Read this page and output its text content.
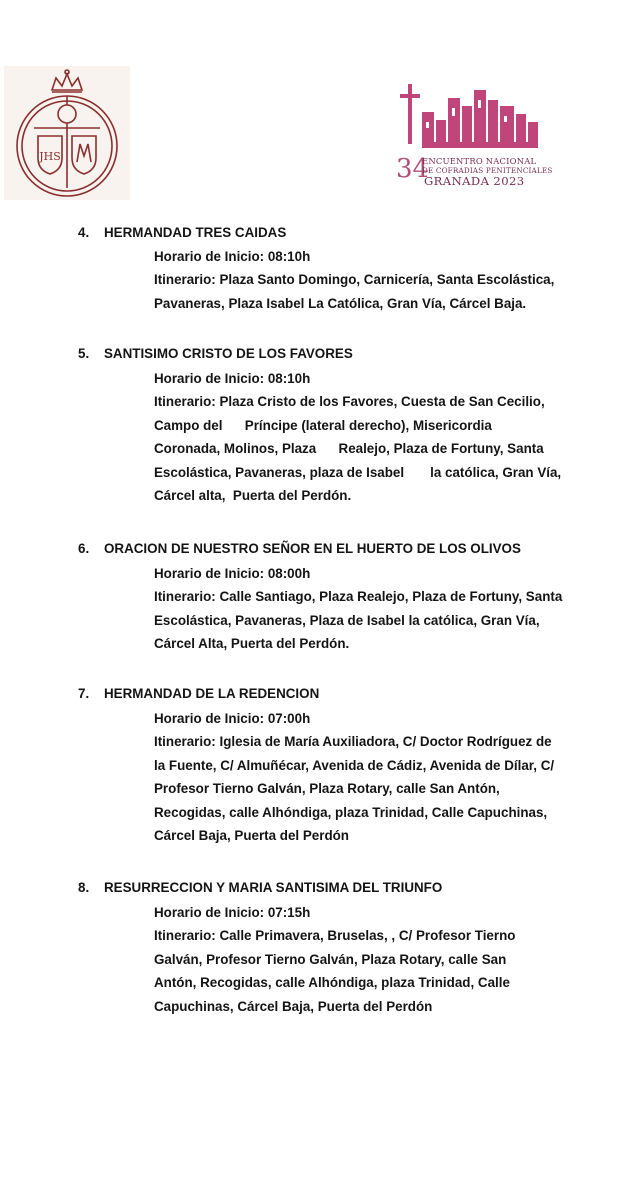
JHS	34
ENCUENTRO NACIONAL
DE COFRADIAS PENITENCIALES
GRANADA 2023
4. HERMANDAD TRES CAIDAS
Horario de Inicio: 08:10h
Itinerario: Plaza Santo Domingo, Carnicería, Santa Escolástica,
Pavaneras, Plaza Isabel La Católica, Gran Vía, Cárcel Baja.
5. SANTISIMO CRISTO DE LOS FAVORES
Horario de Inicio: 08:10h
Itinerario: Plaza Cristo de los Favores, Cuesta de San Cecilio,
Campo del      Príncipe (lateral derecho), Misericordia
Coronada, Molinos, Plaza      Realejo, Plaza de Fortuny, Santa
Escolástica, Pavaneras, plaza de Isabel       la católica, Gran Vía,
Cárcel alta,  Puerta del Perdón.
6. ORACION DE NUESTRO SEÑOR EN EL HUERTO DE LOS OLIVOS
Horario de Inicio: 08:00h
Itinerario: Calle Santiago, Plaza Realejo, Plaza de Fortuny, Santa
Escolástica, Pavaneras, Plaza de Isabel la católica, Gran Vía,
Cárcel Alta, Puerta del Perdón.
7. HERMANDAD DE LA REDENCION
Horario de Inicio: 07:00h
Itinerario: Iglesia de María Auxiliadora, C/ Doctor Rodríguez de
la Fuente, C/ Almuñécar, Avenida de Cádiz, Avenida de Dílar, C/
Profesor Tierno Galván, Plaza Rotary, calle San Antón,
Recogidas, calle Alhóndiga, plaza Trinidad, Calle Capuchinas,
Cárcel Baja, Puerta del Perdón
8. RESURRECCION Y MARIA SANTISIMA DEL TRIUNFO
Horario de Inicio: 07:15h
Itinerario: Calle Primavera, Bruselas, , C/ Profesor Tierno
Galván, Profesor Tierno Galván, Plaza Rotary, calle San
Antón, Recogidas, calle Alhóndiga, plaza Trinidad, Calle
Capuchinas, Cárcel Baja, Puerta del Perdón
